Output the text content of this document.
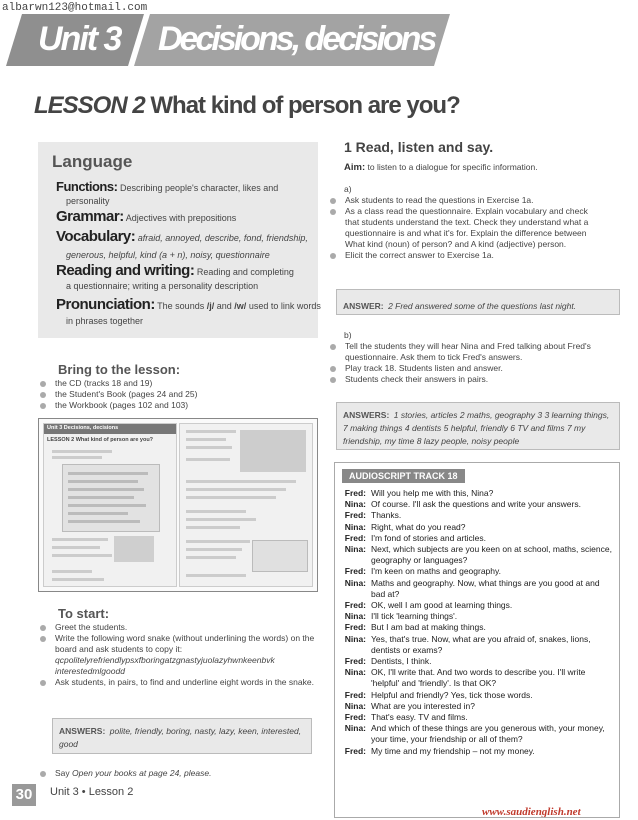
albarwn123@hotmail.com
Unit 3 Decisions, decisions
LESSON 2 What kind of person are you?
Language
Functions: Describing people's character, likes and
personality
Grammar: Adjectives with prepositions
Vocabulary: afraid, annoyed, describe, fond, friendship,
generous, helpful, kind (a + n), noisy, questionnaire
Reading and writing: Reading and completing
a questionnaire; writing a personality description
Pronunciation: The sounds /j/ and /w/ used to link words
in phrases together
Bring to the lesson:
the CD (tracks 18 and 19)
the Student's Book (pages 24 and 25)
the Workbook (pages 102 and 103)
Unit 3 Decisions, decisions
LESSON 2 What kind of person are you?
To start:
Greet the students.
Write the following word snake (without underlining the words) on the board and ask students to copy it:
qcpolitelyrefriendlypsxfboringatzgnastyjuolazyhwnkeenbvk interestedmlgoodd
Ask students, in pairs, to find and underline eight words in the snake.
ANSWERS: polite, friendly, boring, nasty, lazy, keen, interested, good
Say Open your books at page 24, please.
30	Unit 3 • Lesson 2
www.saudienglish.net
1 Read, listen and say.
Aim: to listen to a dialogue for specific information.
a)
Ask students to read the questions in Exercise 1a.
As a class read the questionnaire. Explain vocabulary and check that students understand the text. Check they understand what a questionnaire is and what it's for. Explain the difference between What kind (noun) of person? and A kind (adjective) person.
Elicit the correct answer to Exercise 1a.
ANSWER: 2 Fred answered some of the questions last night.
b)
Tell the students they will hear Nina and Fred talking about Fred's questionnaire. Ask them to tick Fred's answers.
Play track 18. Students listen and answer.
Students check their answers in pairs.
ANSWERS: 1 stories, articles 2 maths, geography 3 3 learning things, 7 making things 4 dentists 5 helpful, friendly 6 TV and films 7 my friendship, my time 8 lazy people, noisy people
AUDIOSCRIPT TRACK 18
Fred: Will you help me with this, Nina?
Nina: Of course. I'll ask the questions and write your answers.
Fred: Thanks.
Nina: Right, what do you read?
Fred: I'm fond of stories and articles.
Nina: Next, which subjects are you keen on at school, maths, science, geography or languages?
Fred: I'm keen on maths and geography.
Nina: Maths and geography. Now, what things are you good at and bad at?
Fred: OK, well I am good at learning things.
Nina: I'll tick 'learning things'.
Fred: But I am bad at making things.
Nina: Yes, that's true. Now, what are you afraid of, snakes, lions, dentists or exams?
Fred: Dentists, I think.
Nina: OK, I'll write that. And two words to describe you. I'll write 'helpful' and 'friendly'. Is that OK?
Fred: Helpful and friendly? Yes, tick those words.
Nina: What are you interested in?
Fred: That's easy. TV and films.
Nina: And which of these things are you generous with, your money, your time, your friendship or all of them?
Fred: My time and my friendship – not my money.
